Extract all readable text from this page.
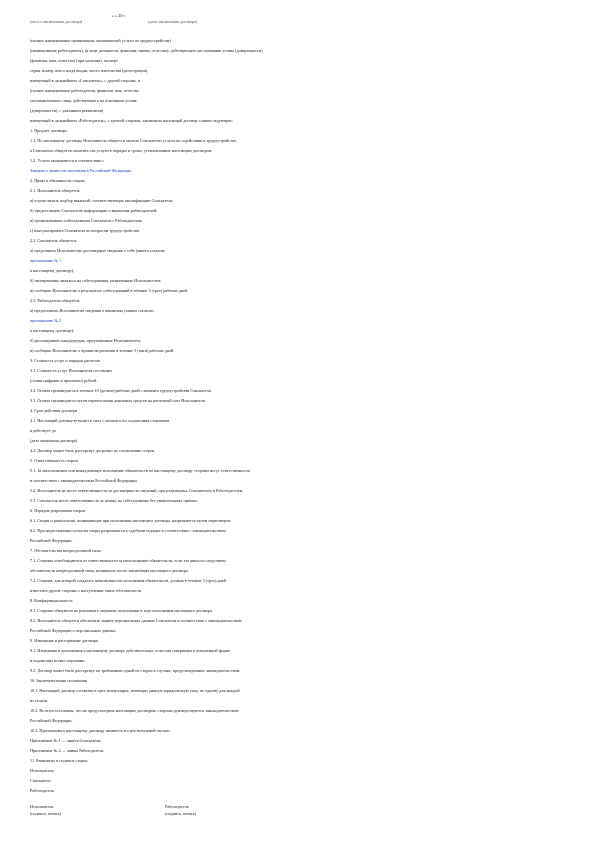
« » 20 г.
(место заключения договора)	(дата заключения договора)
(полное наименование организации, оказывающей услуги по трудоустройству)
(наименование работодателя), (в лице должности, фамилии, имени, отчества), действующего на основании устава (доверенности),
(фамилия, имя, отчество) (при наличии), паспорт
серия, номер, кем и когда выдан, место жительства (регистрации),
именуемый в дальнейшем «Соискатель», с другой стороны, и
(полное наименование работодателя, фамилия, имя, отчество
уполномоченного лица, действующего на основании устава
(доверенности), с указанием реквизитов)
именуемый в дальнейшем «Работодатель», с третьей стороны, заключили настоящий договор о нижеследующем:
1. Предмет договора
1.1. По настоящему договору Исполнитель обязуется оказать Соискателю услуги по содействию в трудоустройстве,
а Соискатель обязуется оплатить эти услуги в порядке и сроки, установленные настоящим договором.
1.2. Услуги оказываются в соответствии с
Законом о занятости населения в Российской Федерации
2. Права и обязанности сторон
2.1. Исполнитель обязуется:
а) осуществлять подбор вакансий, соответствующих квалификации Соискателя;
б) предоставлять Соискателю информацию о вакансиях работодателей;
в) организовывать собеседования Соискателя с Работодателем;
г) консультировать Соискателя по вопросам трудоустройства.
2.2. Соискатель обязуется:
а) представить Исполнителю достоверные сведения о себе (анкета согласно
приложению № 1
к настоящему договору);
б) своевременно являться на собеседования, назначенные Исполнителем;
в) сообщать Исполнителю о результатах собеседований в течение 3 (трех) рабочих дней.
2.3. Работодатель обязуется:
а) предоставить Исполнителю сведения о вакансиях (заявка согласно
приложению № 2
к настоящему договору);
б) рассматривать кандидатуры, предложенные Исполнителем;
в) сообщать Исполнителю о принятом решении в течение 5 (пяти) рабочих дней.
3. Стоимость услуг и порядок расчетов
3.1. Стоимость услуг Исполнителя составляет
(сумма цифрами и прописью) рублей.
3.2. Оплата производится в течение 10 (десяти) рабочих дней с момента трудоустройства Соискателя.
3.3. Оплата производится путем перечисления денежных средств на расчетный счет Исполнителя.
4. Срок действия договора
4.1. Настоящий договор вступает в силу с момента его подписания сторонами
и действует до
(дата окончания договора)
4.2. Договор может быть расторгнут досрочно по соглашению сторон.
5. Ответственность сторон
5.1. За неисполнение или ненадлежащее исполнение обязательств по настоящему договору стороны несут ответственность
в соответствии с законодательством Российской Федерации.
5.2. Исполнитель не несет ответственности за достоверность сведений, представленных Соискателем и Работодателем.
5.3. Соискатель несет ответственность за неявку на собеседование без уважительных причин.
6. Порядок разрешения споров
6.1. Споры и разногласия, возникающие при исполнении настоящего договора, разрешаются путем переговоров.
6.2. При недостижении согласия споры разрешаются в судебном порядке в соответствии с законодательством
Российской Федерации.
7. Обстоятельства непреодолимой силы
7.1. Стороны освобождаются от ответственности за неисполнение обязательств, если это явилось следствием
обстоятельств непреодолимой силы, возникших после заключения настоящего договора.
7.2. Сторона, для которой создалась невозможность исполнения обязательств, должна в течение 3 (трех) дней
известить другие стороны о наступлении таких обстоятельств.
8. Конфиденциальность
8.1. Стороны обязуются не разглашать сведения, полученные в ходе исполнения настоящего договора.
8.2. Исполнитель обязуется обеспечить защиту персональных данных Соискателя в соответствии с законодательством
Российской Федерации о персональных данных.
9. Изменение и расторжение договора
9.1. Изменения и дополнения к настоящему договору действительны, если они совершены в письменной форме
и подписаны всеми сторонами.
9.2. Договор может быть расторгнут по требованию одной из сторон в случаях, предусмотренных законодательством.
10. Заключительные положения
10.1. Настоящий договор составлен в трех экземплярах, имеющих равную юридическую силу, по одному для каждой
из сторон.
10.2. Во всем остальном, что не предусмотрено настоящим договором, стороны руководствуются законодательством
Российской Федерации.
10.3. Приложения к настоящему договору являются его неотъемлемой частью:
Приложение № 1 — анкета Соискателя;
Приложение № 2 — заявка Работодателя.
11. Реквизиты и подписи сторон
Исполнитель:
Соискатель:
Работодатель:
Исполнитель	Работодатель
(подпись, печать)	(подпись, печать)
